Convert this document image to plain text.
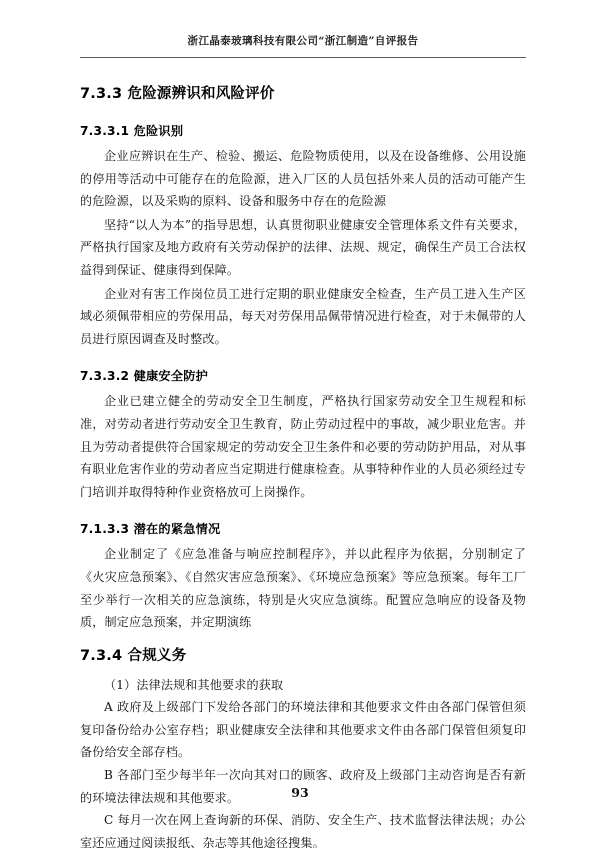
浙江晶泰玻璃科技有限公司“浙江制造”自评报告
7.3.3 危险源辨识和风险评价
7.3.3.1 危险识别

企业应辨识在生产、检验、搬运、危险物质使用，以及在设备维修、公用设施的停用等活动中可能存在的危险源，进入厂区的人员包括外来人员的活动可能产生的危险源，以及采购的原料、设备和服务中存在的危险源

坚持“以人为本”的指导思想，认真贯彻职业健康安全管理体系文件有关要求，严格执行国家及地方政府有关劳动保护的法律、法规、规定，确保生产员工合法权益得到保证、健康得到保障。

企业对有害工作岗位员工进行定期的职业健康安全检查，生产员工进入生产区域必须佩带相应的劳保用品，每天对劳保用品佩带情况进行检查，对于未佩带的人员进行原因调查及时整改。

7.3.3.2 健康安全防护

企业已建立健全的劳动安全卫生制度，严格执行国家劳动安全卫生规程和标准，对劳动者进行劳动安全卫生教育，防止劳动过程中的事故，减少职业危害。并且为劳动者提供符合国家规定的劳动安全卫生条件和必要的劳动防护用品，对从事有职业危害作业的劳动者应当定期进行健康检查。从事特种作业的人员必须经过专门培训并取得特种作业资格放可上岗操作。

7.1.3.3 潜在的紧急情况

企业制定了《应急准备与响应控制程序》，并以此程序为依据，分别制定了《火灾应急预案》、《自然灾害应急预案》、《环境应急预案》等应急预案。每年工厂至少举行一次相关的应急演练，特别是火灾应急演练。配置应急响应的设备及物质，制定应急预案，并定期演练

7.3.4 合规义务

（1）法律法规和其他要求的获取

A 政府及上级部门下发给各部门的环境法律和其他要求文件由各部门保管但须复印备份给办公室存档；职业健康安全法律和其他要求文件由各部门保管但须复印备份给安全部存档。

B 各部门至少每半年一次向其对口的顾客、政府及上级部门主动咨询是否有新的环境法律法规和其他要求。

C 每月一次在网上查询新的环保、消防、安全生产、技术监督法律法规；办公室还应通过阅读报纸、杂志等其他途径搜集。

93
